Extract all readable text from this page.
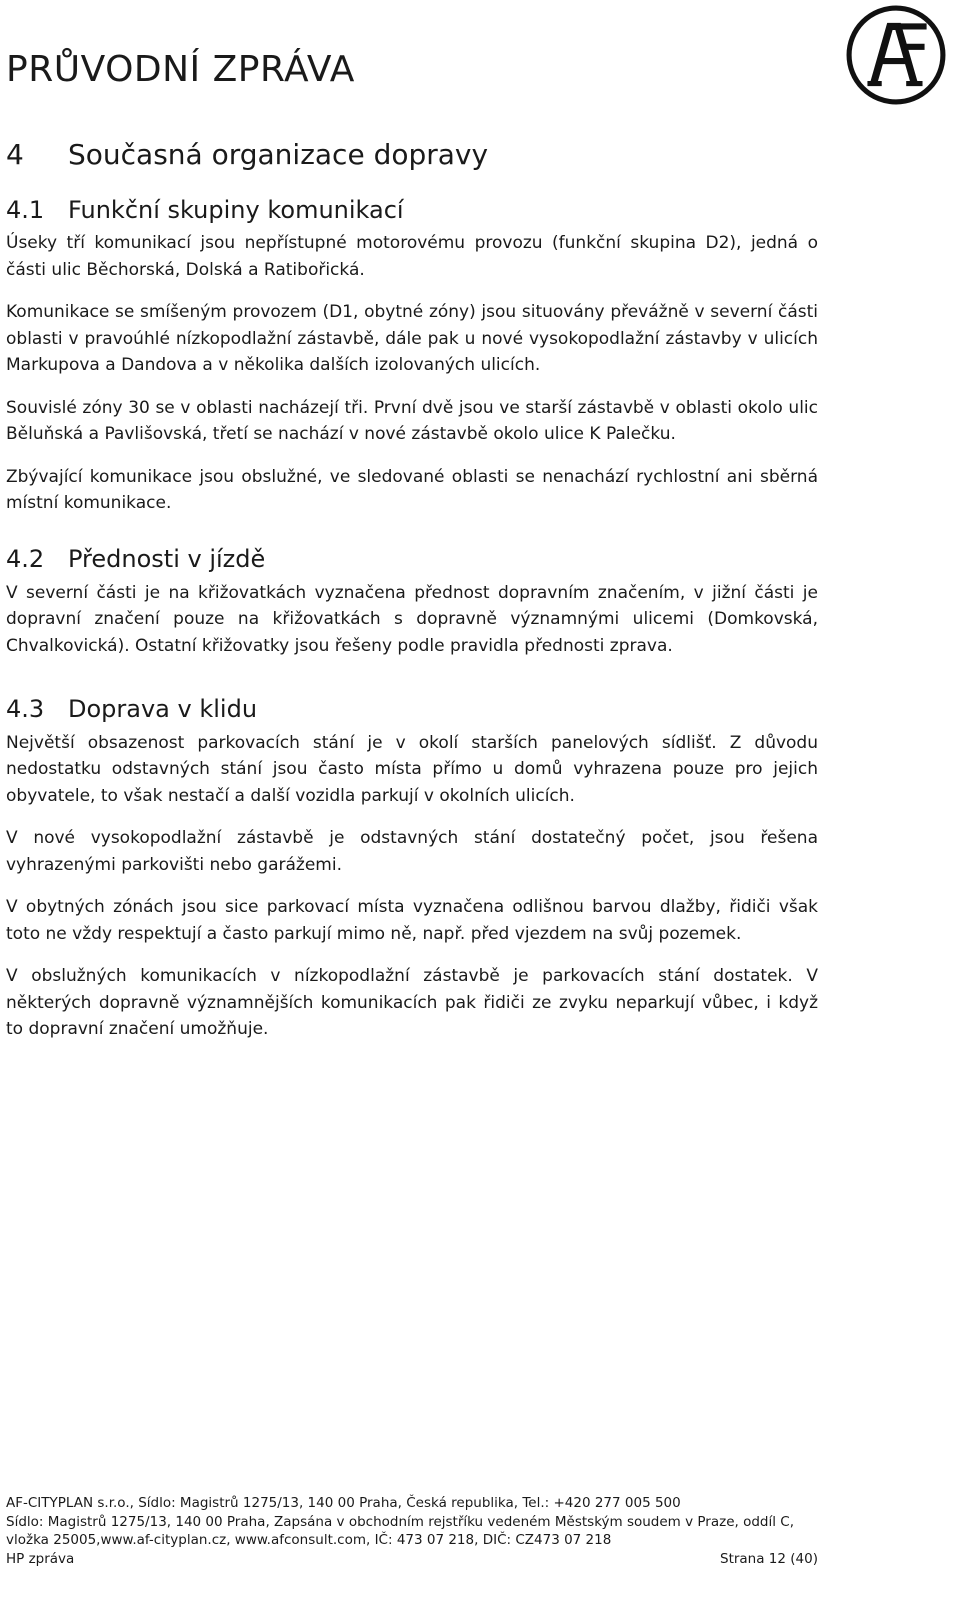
PRŮVODNÍ ZPRÁVA
4 Současná organizace dopravy
4.1 Funkční skupiny komunikací

Úseky tří komunikací jsou nepřístupné motorovému provozu (funkční skupina D2), jedná o části ulic Běchorská, Dolská a Ratibořická.

Komunikace se smíšeným provozem (D1, obytné zóny) jsou situovány převážně v severní části oblasti v pravoúhlé nízkopodlažní zástavbě, dále pak u nové vysokopodlažní zástavby v ulicích Markupova a Dandova a v několika dalších izolovaných ulicích.

Souvislé zóny 30 se v oblasti nacházejí tři. První dvě jsou ve starší zástavbě v oblasti okolo ulic Běluňská a Pavlišovská, třetí se nachází v nové zástavbě okolo ulice K Palečku.

Zbývající komunikace jsou obslužné, ve sledované oblasti se nenachází rychlostní ani sběrná místní komunikace.

4.2 Přednosti v jízdě

V severní části je na křižovatkách vyznačena přednost dopravním značením, v jižní části je dopravní značení pouze na křižovatkách s dopravně významnými ulicemi (Domkovská, Chvalkovická). Ostatní křižovatky jsou řešeny podle pravidla přednosti zprava.

4.3 Doprava v klidu

Největší obsazenost parkovacích stání je v okolí starších panelových sídlišť. Z důvodu nedostatku odstavných stání jsou často místa přímo u domů vyhrazena pouze pro jejich obyvatele, to však nestačí a další vozidla parkují v okolních ulicích.

V nové vysokopodlažní zástavbě je odstavných stání dostatečný počet, jsou řešena vyhrazenými parkovišti nebo garážemi.

V obytných zónách jsou sice parkovací místa vyznačena odlišnou barvou dlažby, řidiči však toto ne vždy respektují a často parkují mimo ně, např. před vjezdem na svůj pozemek.

V obslužných komunikacích v nízkopodlažní zástavbě je parkovacích stání dostatek. V některých dopravně významnějších komunikacích pak řidiči ze zvyku neparkují vůbec, i když to dopravní značení umožňuje.

AF-CITYPLAN s.r.o., Sídlo: Magistrů 1275/13, 140 00 Praha, Česká republika, Tel.: +420 277 005 500
Sídlo: Magistrů 1275/13, 140 00 Praha, Zapsána v obchodním rejstříku vedeném Městským soudem v Praze, oddíl C, vložka 25005,www.af-cityplan.cz, www.afconsult.com, IČ: 473 07 218, DIČ: CZ473 07 218
HP zpráva	Strana 12 (40)
